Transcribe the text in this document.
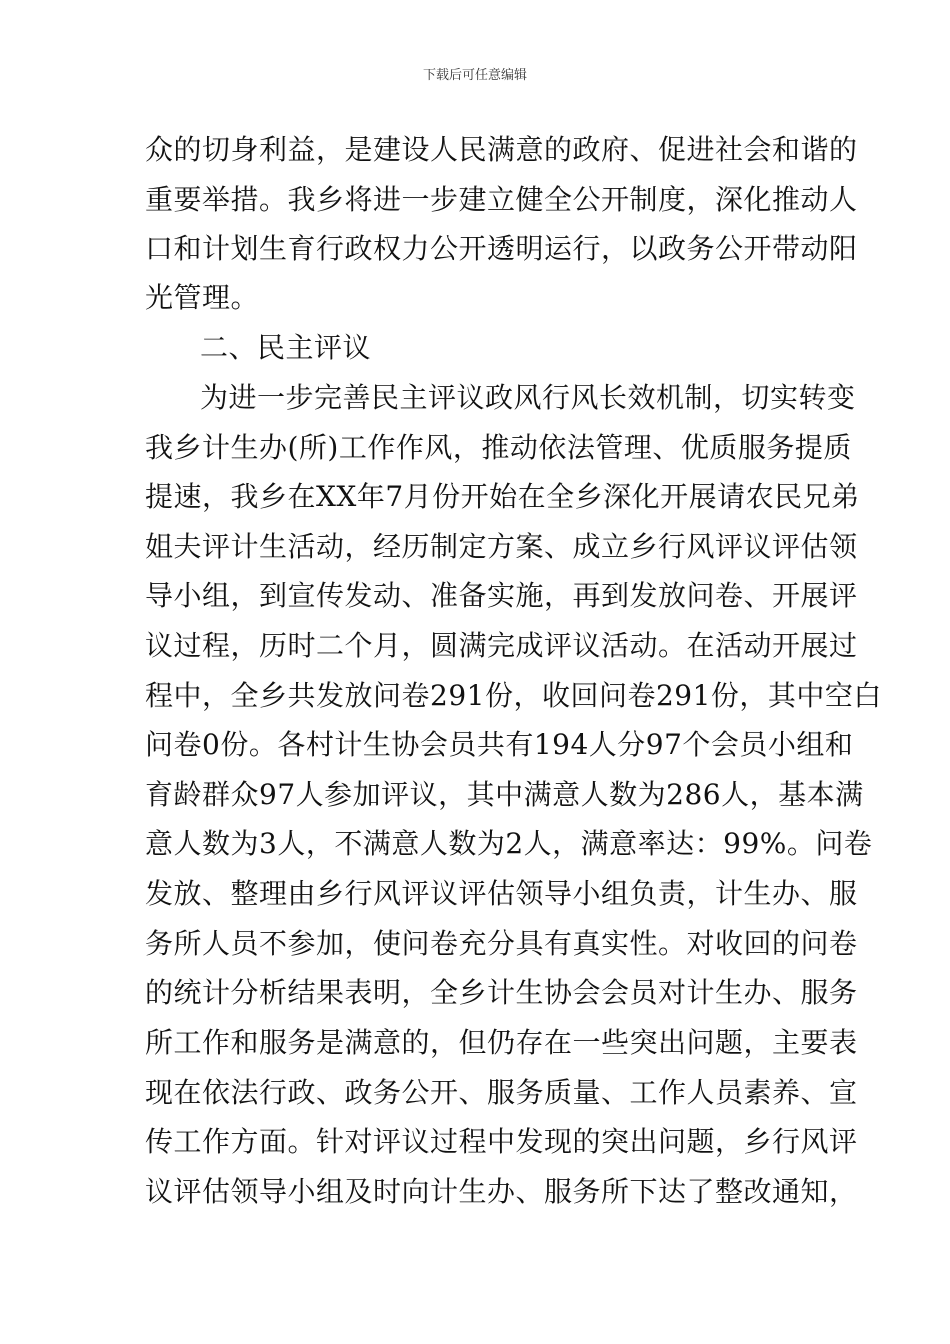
下载后可任意编辑
众的切身利益，是建设人民满意的政府、促进社会和谐的
重要举措。我乡将进一步建立健全公开制度，深化推动人
口和计划生育行政权力公开透明运行，以政务公开带动阳
光管理。
二、民主评议
为进一步完善民主评议政风行风长效机制，切实转变
我乡计生办(所)工作作风，推动依法管理、优质服务提质
提速，我乡在XX年7月份开始在全乡深化开展请农民兄弟
姐夫评计生活动，经历制定方案、成立乡行风评议评估领
导小组，到宣传发动、准备实施，再到发放问卷、开展评
议过程，历时二个月，圆满完成评议活动。在活动开展过
程中，全乡共发放问卷291份，收回问卷291份，其中空白
问卷0份。各村计生协会员共有194人分97个会员小组和
育龄群众97人参加评议，其中满意人数为286人，基本满
意人数为3人，不满意人数为2人，满意率达：99%。问卷
发放、整理由乡行风评议评估领导小组负责，计生办、服
务所人员不参加，使问卷充分具有真实性。对收回的问卷
的统计分析结果表明，全乡计生协会会员对计生办、服务
所工作和服务是满意的，但仍存在一些突出问题，主要表
现在依法行政、政务公开、服务质量、工作人员素养、宣
传工作方面。针对评议过程中发现的突出问题，乡行风评
议评估领导小组及时向计生办、服务所下达了整改通知，
